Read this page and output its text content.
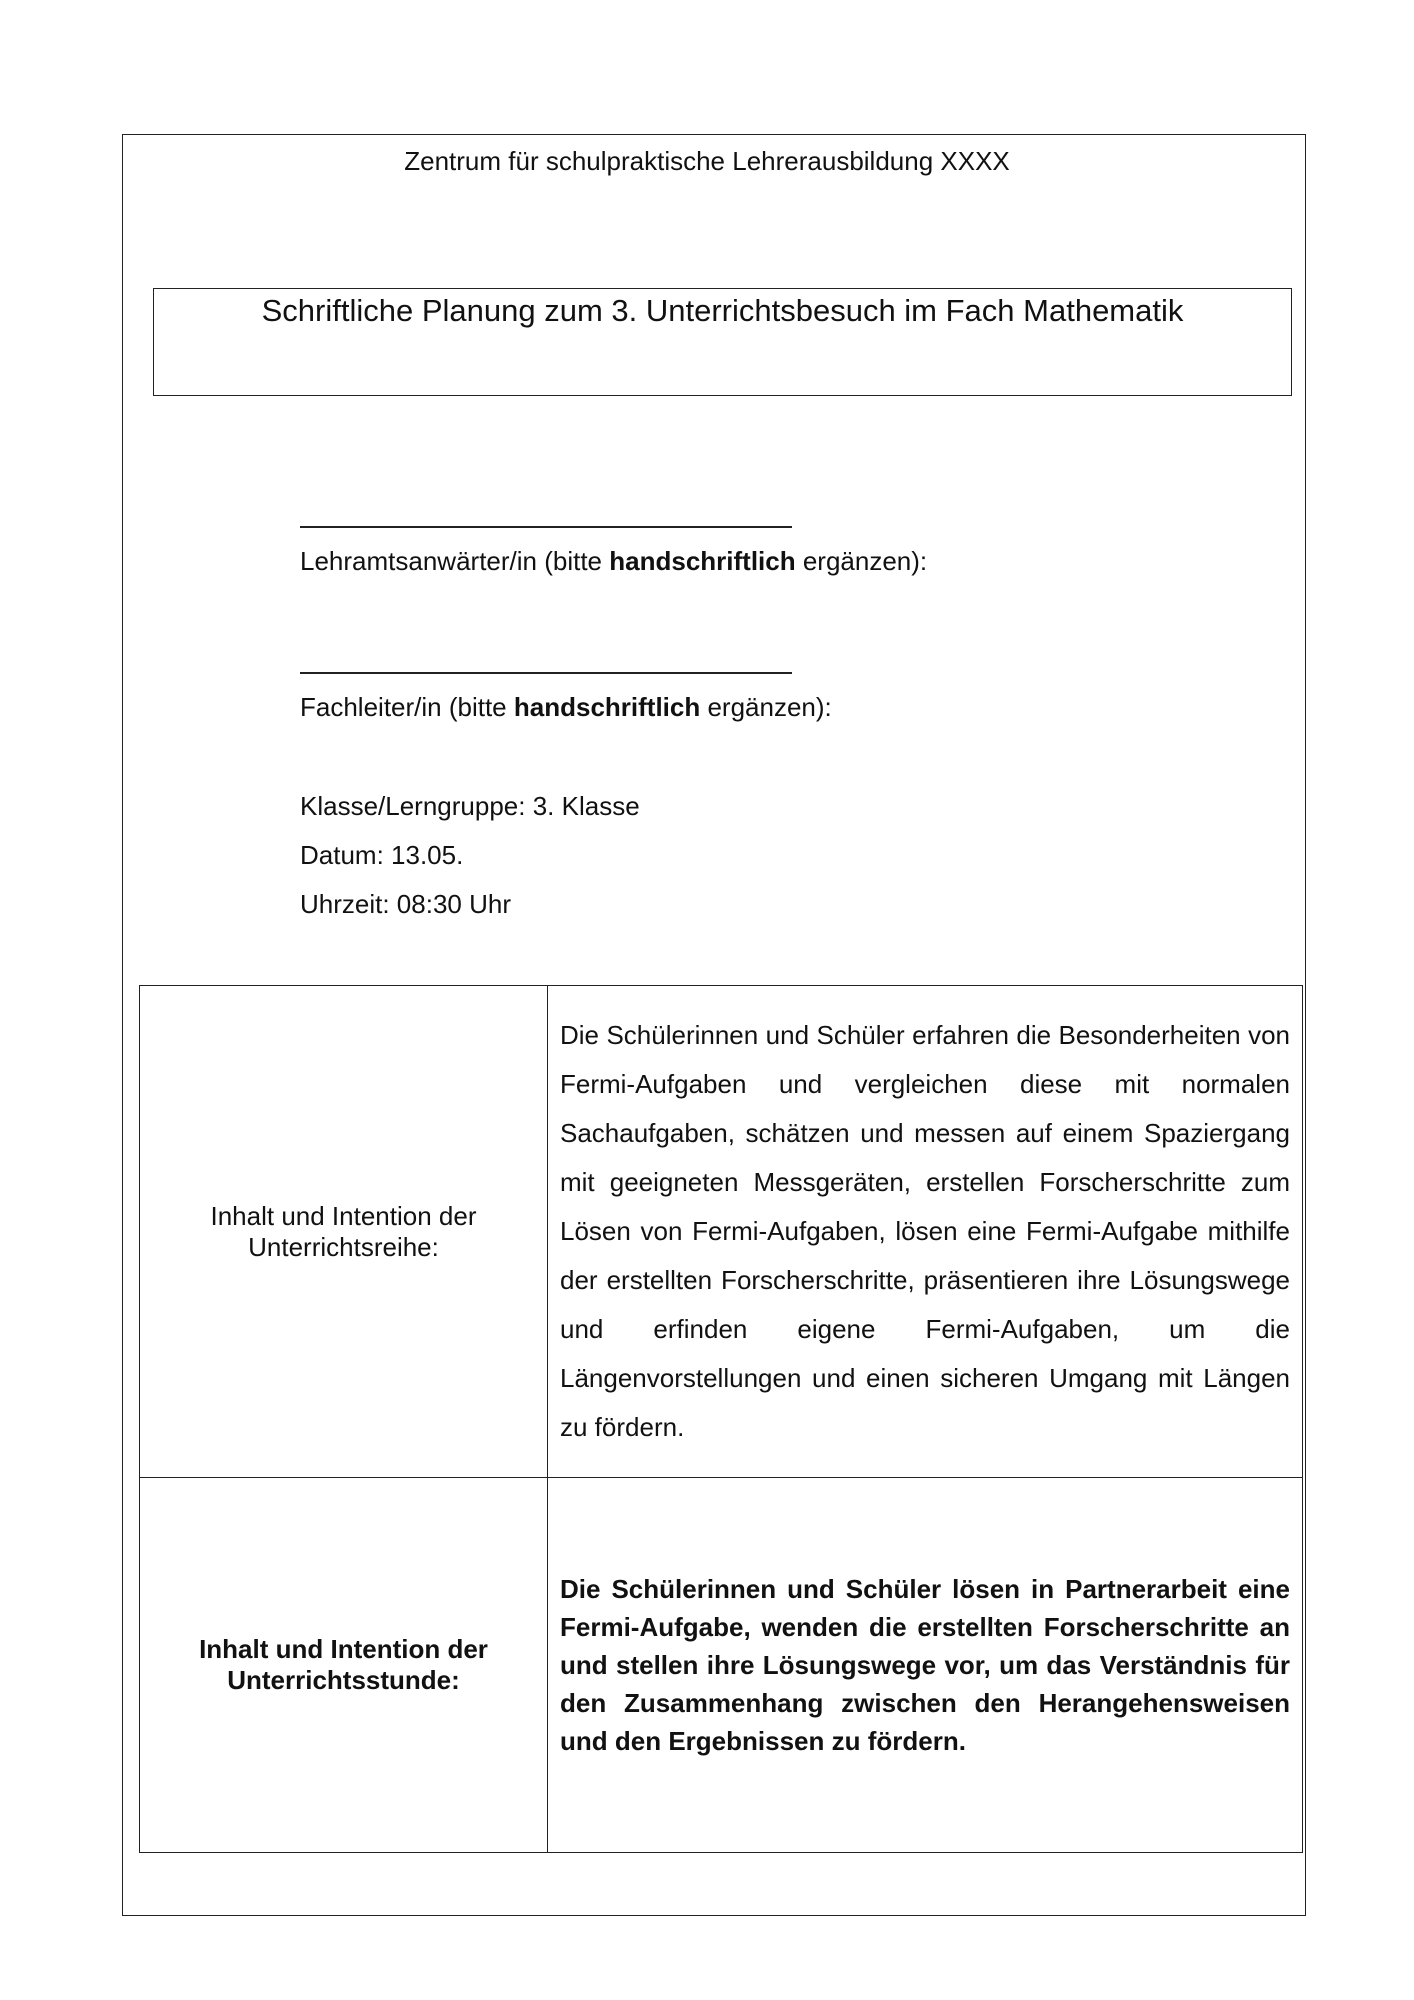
Zentrum für schulpraktische Lehrerausbildung XXXX
Schriftliche Planung zum 3. Unterrichtsbesuch im Fach Mathematik
Lehramtsanwärter/in (bitte handschriftlich ergänzen):
Fachleiter/in (bitte handschriftlich ergänzen):
Klasse/Lerngruppe: 3. Klasse
Datum: 13.05.
Uhrzeit: 08:30 Uhr
Inhalt und Intention der Unterrichtsreihe:	Die Schülerinnen und Schüler erfahren die Besonderheiten von Fermi-Aufgaben und vergleichen diese mit normalen Sachaufgaben, schätzen und messen auf einem Spaziergang mit geeigneten Messgeräten, erstellen Forscherschritte zum Lösen von Fermi-Aufgaben, lösen eine Fermi-Aufgabe mithilfe der erstellten Forscherschritte, präsentieren ihre Lösungswege und erfinden eigene Fermi-Aufgaben, um die Längenvorstellungen und einen sicheren Umgang mit Längen zu fördern.

Inhalt und Intention der Unterrichtsstunde:	Die Schülerinnen und Schüler lösen in Partnerarbeit eine Fermi-Aufgabe, wenden die erstellten Forscherschritte an und stellen ihre Lösungswege vor, um das Verständnis für den Zusammenhang zwischen den Herangehensweisen und den Ergebnissen zu fördern.
